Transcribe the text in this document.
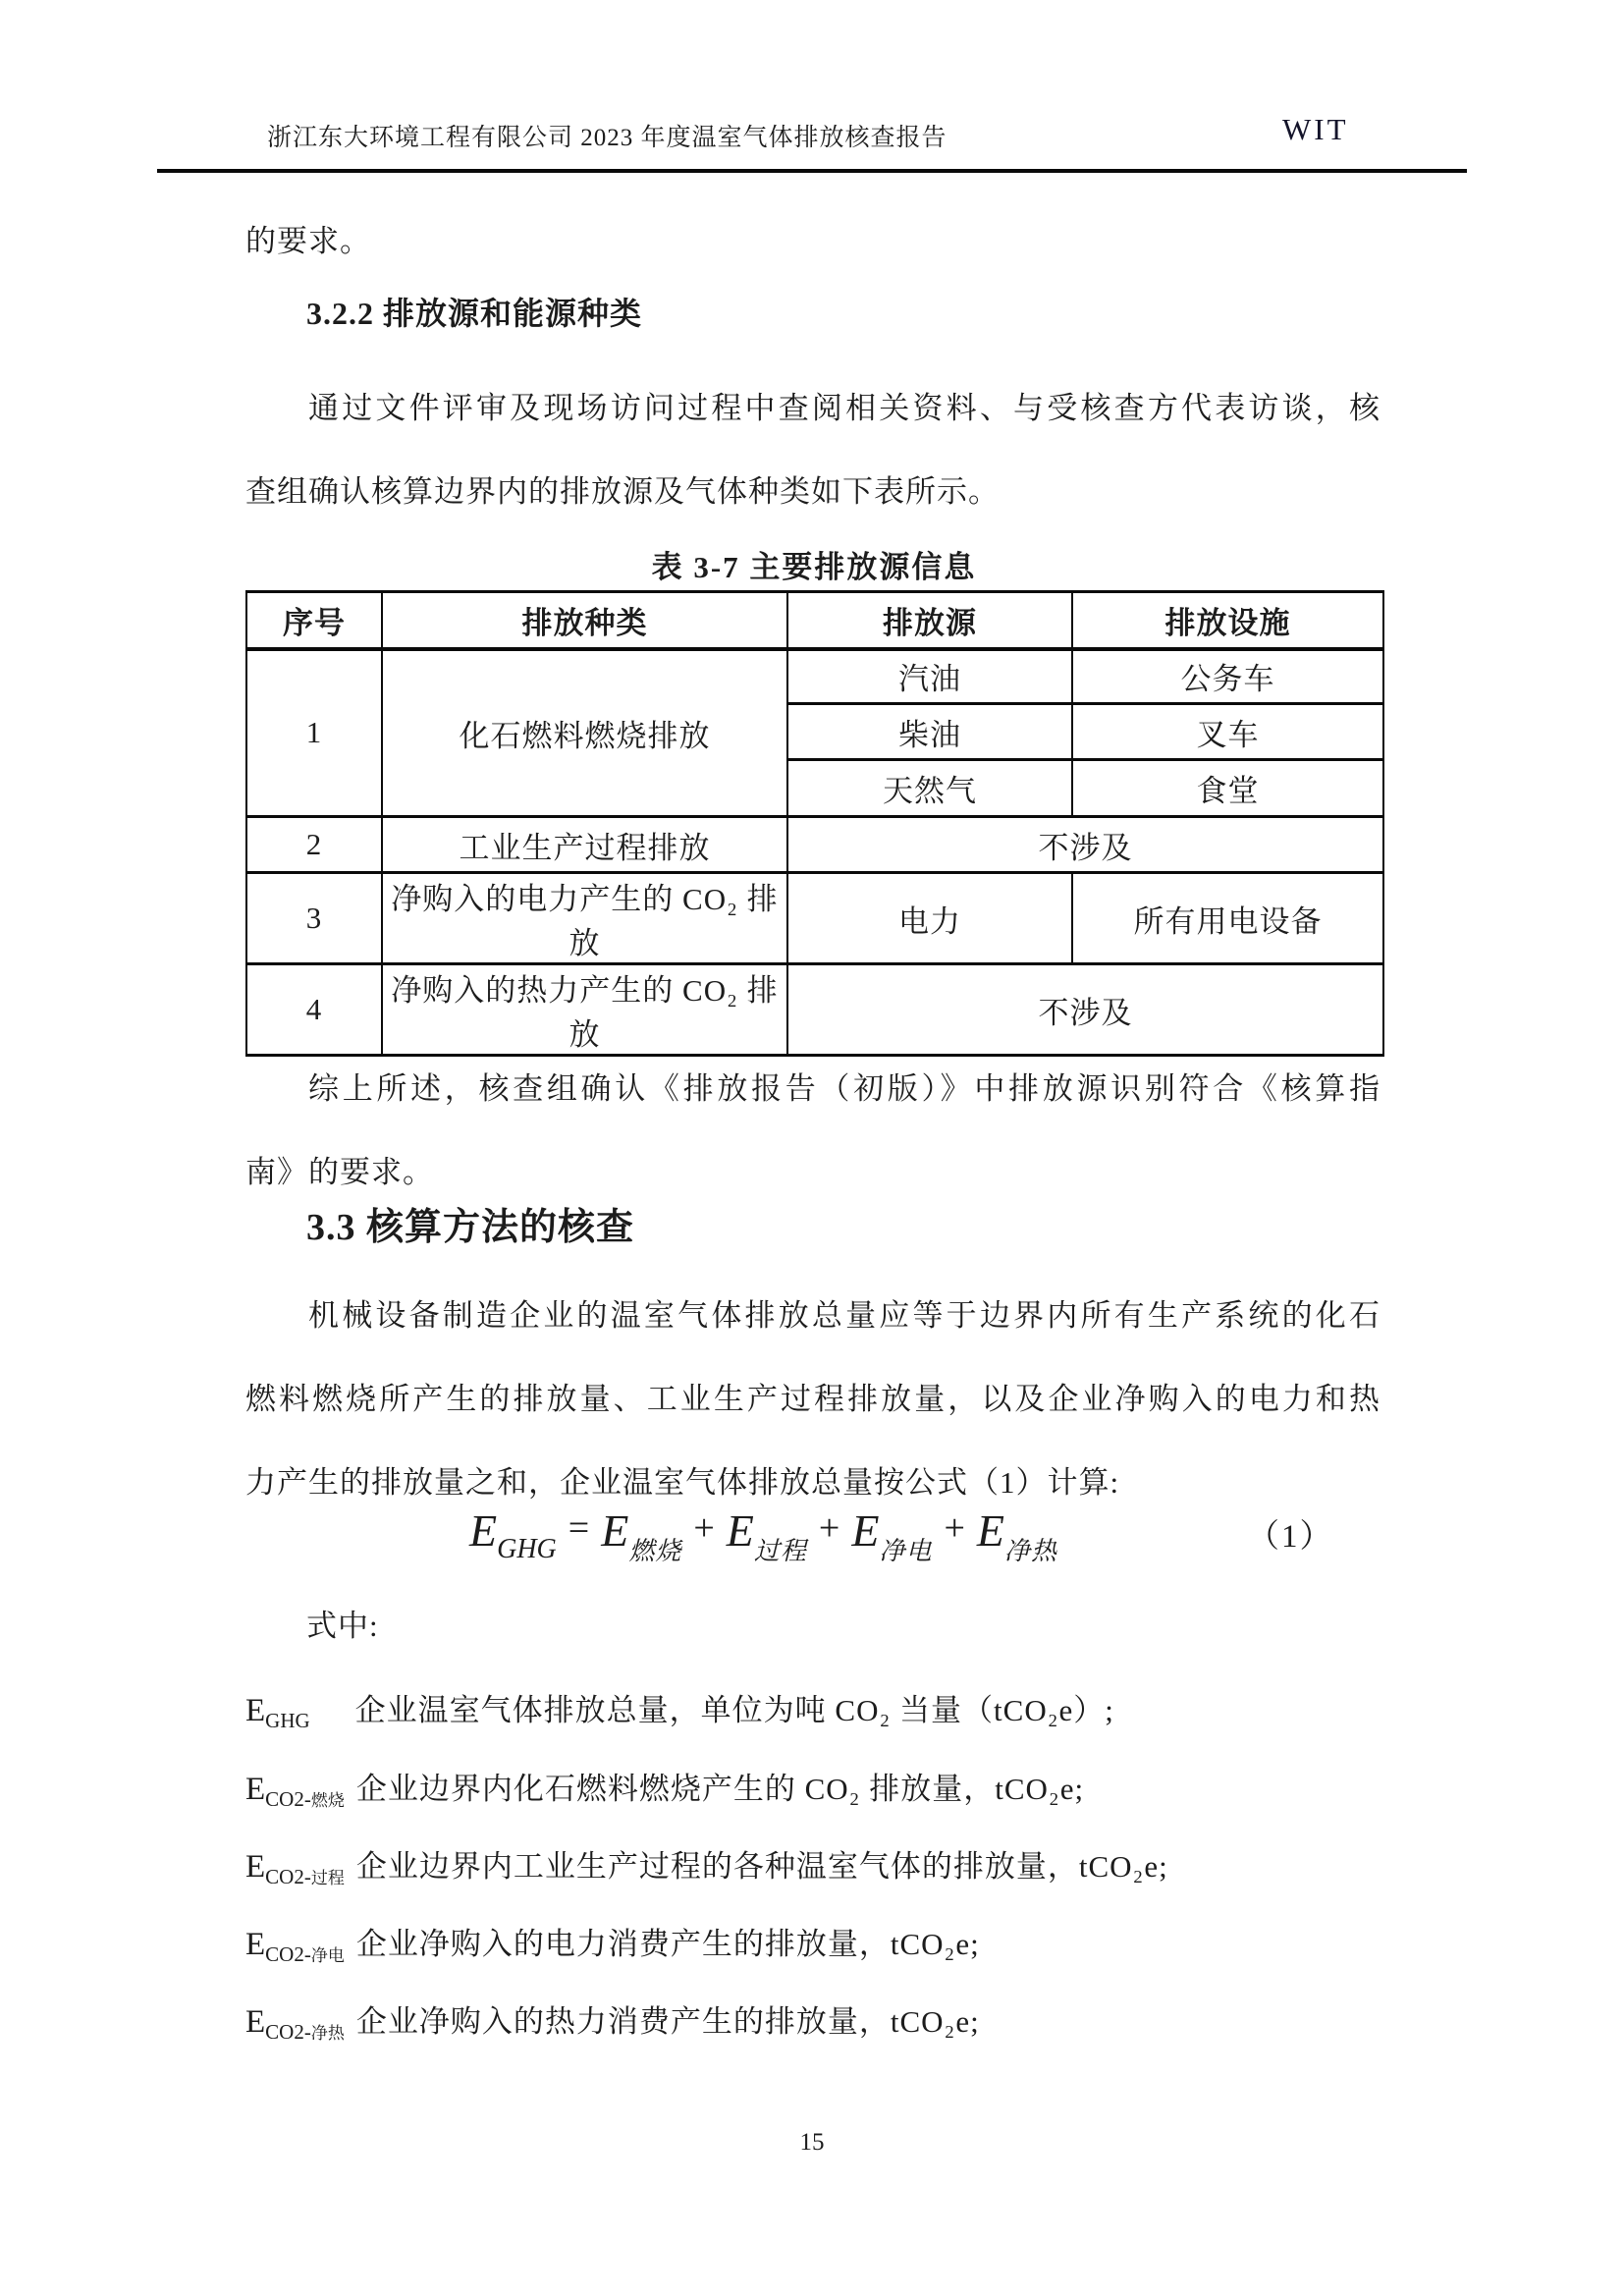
浙江东大环境工程有限公司 2023 年度温室气体排放核查报告	WIT
的要求。
3.2.2 排放源和能源种类
通过文件评审及现场访问过程中查阅相关资料、与受核查方代表访谈，核
查组确认核算边界内的排放源及气体种类如下表所示。
表 3-7 主要排放源信息
序号	排放种类	排放源	排放设施
1	化石燃料燃烧排放	汽油	公务车
		柴油	叉车
		天然气	食堂
2	工业生产过程排放	不涉及	
3	净购入的电力产生的 CO₂ 排放	电力	所有用电设备
4	净购入的热力产生的 CO₂ 排放	不涉及	
综上所述，核查组确认《排放报告（初版）》中排放源识别符合《核算指
南》的要求。
3.3 核算方法的核查
机械设备制造企业的温室气体排放总量应等于边界内所有生产系统的化石
燃料燃烧所产生的排放量、工业生产过程排放量，以及企业净购入的电力和热
力产生的排放量之和，企业温室气体排放总量按公式（1）计算:
$E_{GHG} = E_{燃烧} + E_{过程} + E_{净电} + E_{净热}$	（1）
式中:
$E_{GHG}$ 企业温室气体排放总量，单位为吨 CO₂ 当量（tCO₂e）;
$E_{CO2-燃烧}$ 企业边界内化石燃料燃烧产生的 CO₂ 排放量，tCO₂e;
$E_{CO2-过程}$ 企业边界内工业生产过程的各种温室气体的排放量，tCO₂e;
$E_{CO2-净电}$ 企业净购入的电力消费产生的排放量，tCO₂e;
$E_{CO2-净热}$ 企业净购入的热力消费产生的排放量，tCO₂e;
15
